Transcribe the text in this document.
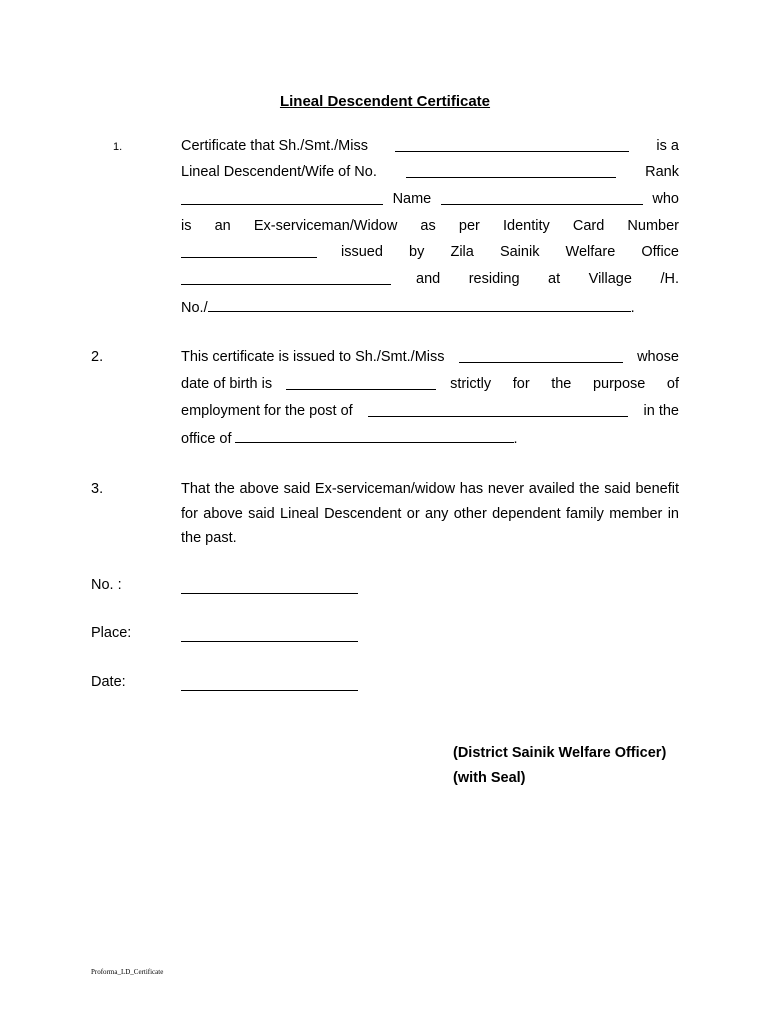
Lineal Descendent Certificate
1.	Certificate that Sh./Smt./Miss	is a
Lineal Descendent/Wife of No.	Rank
Name	who
is an Ex-serviceman/Widow as per Identity Card Number
issued by Zila Sainik Welfare Office
and residing at Village /H.
No./	.
2.	This certificate is issued to Sh./Smt./Miss	whose
date of birth is	strictly for the purpose of
employment for the post of	in the
office of	.
3.	That the above said Ex-serviceman/widow has never availed the said benefit for above said Lineal Descendent or any other dependent family member in the past.
No. :
Place:
Date:
(District Sainik Welfare Officer)
(with Seal)
Proforma_LD_Certificate
